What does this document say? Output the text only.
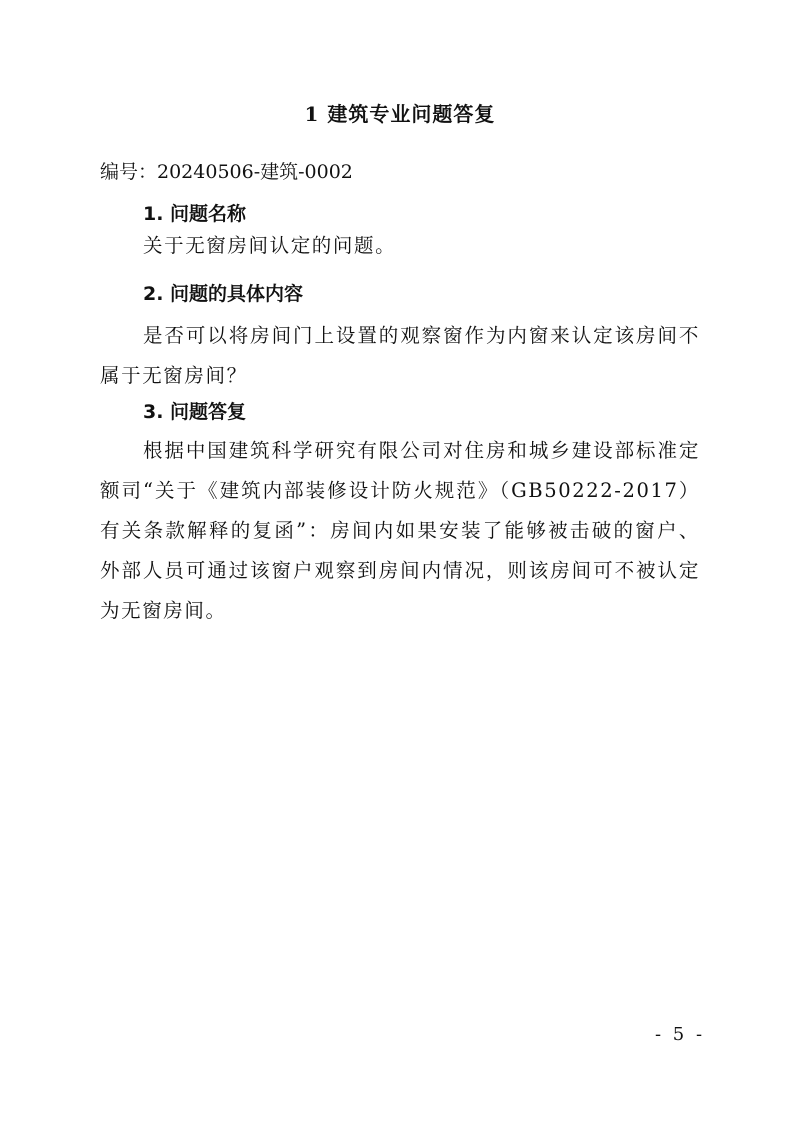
1 建筑专业问题答复
编号：20240506-建筑-0002
1. 问题名称

关于无窗房间认定的问题。

2. 问题的具体内容

是否可以将房间门上设置的观察窗作为内窗来认定该房间不属于无窗房间？

3. 问题答复

根据中国建筑科学研究有限公司对住房和城乡建设部标准定额司“关于《建筑内部装修设计防火规范》（GB50222-2017）有关条款解释的复函”：房间内如果安装了能够被击破的窗户、外部人员可通过该窗户观察到房间内情况，则该房间可不被认定为无窗房间。

- 5 -
